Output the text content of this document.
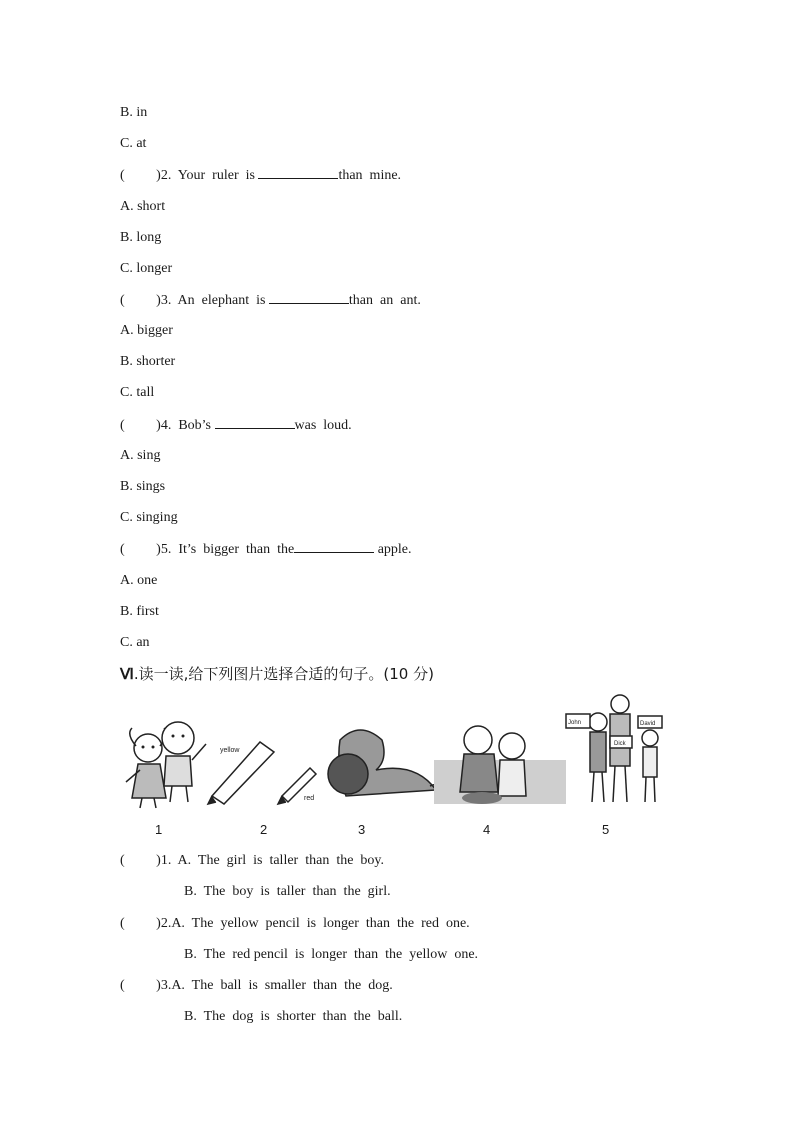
B. in
C. at
(         )2.  Your  ruler  is	than  mine.
A. short
B. long
C. longer
(         )3.  An  elephant  is	than  an  ant.
A. bigger
B. shorter
C. tall
(         )4.  Bob’s	was  loud.
A. sing
B. sings
C. singing
(         )5.  It’s  bigger  than  the	apple.
A. one
B. first
C. an
Ⅵ.读一读,给下列图片选择合适的句子。(10 分)
yellow
red
John
Dick
David
1	2	3	4	5
(         )1.  A.  The  girl  is  taller  than  the  boy.
B.  The  boy  is  taller  than  the  girl.
(         )2.A.  The  yellow  pencil  is  longer  than  the  red  one.
B.  The  red pencil  is  longer  than  the  yellow  one.
(         )3.A.  The  ball  is  smaller  than  the  dog.
B.  The  dog  is  shorter  than  the  ball.
